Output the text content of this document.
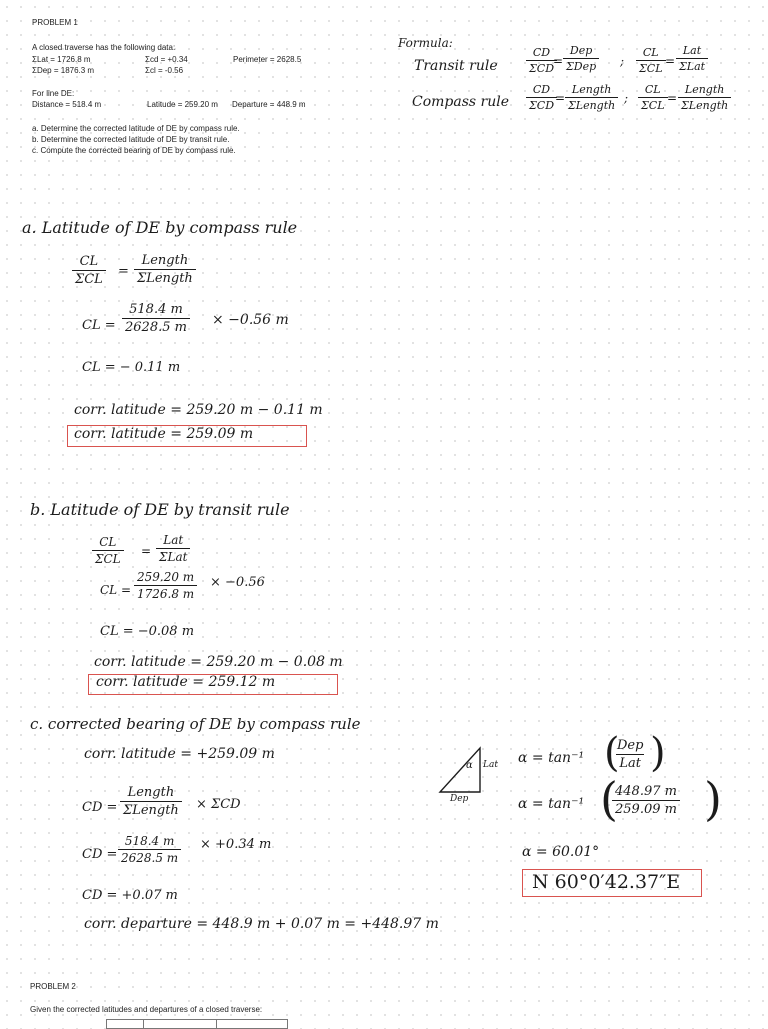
PROBLEM 1
A closed traverse has the following data:
ΣLat = 1726.8 m	Σcd = +0.34	Perimeter = 2628.5
ΣDep = 1876.3 m	Σcl = -0.56
For line DE:
Distance = 518.4 m	Latitude = 259.20 m Departure = 448.9 m
a. Determine the corrected latitude of DE by compass rule.
b. Determine the corrected latitude of DE by transit rule.
c. Compute the corrected bearing of DE by compass rule.
Formula:
Transit rule
Compass rule
CD
ΣCD
=
Dep
ΣDep ;
CL
ΣCL
=
Lat
ΣLat
CD
ΣCD
=
Length
ΣLength
;
CL
ΣCL
=
Length
ΣLength
a. Latitude of DE by compass rule
CL
ΣCL
=
Length
ΣLength
CL = $\frac{518.4 m}{2628.5 m} \times -0.56$ m
CL = − 0.11 m
corr. latitude = 259.20 m − 0.11 m
corr. latitude = 259.09 m
b. Latitude of DE by transit rule
CL
ΣCL
=
Lat
ΣLat
CL = $\frac{259.20 m}{1726.8 m} \times -0.56$
CL = −0.08 m
corr. latitude = 259.20 m − 0.08 m
corr. latitude = 259.12 m
c. corrected bearing of DE by compass rule
corr. latitude = +259.09 m
CD =
Length
ΣLength × ΣCD
CD = $\frac{518.4 m}{2628.5 m} \times +0.34$ m
CD = +0.07 m
corr. departure = 448.9 m + 0.07 m = +448.97 m
α Lat
Dep
α = tan⁻¹ (
Dep
Lat )
α = tan⁻¹ (
$\frac{448.97 m}{259.09 m}$ )
α = 60.01°
N 60°0′42.37″E
PROBLEM 2
Given the corrected latitudes and departures of a closed traverse:
